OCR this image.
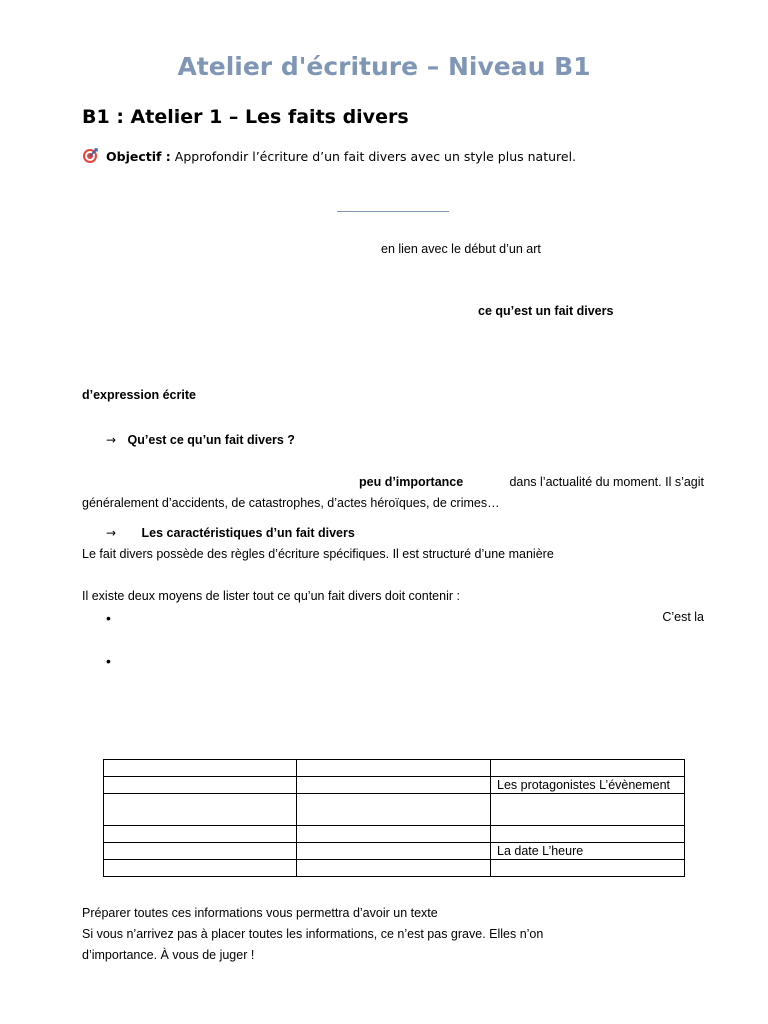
Atelier d'écriture – Niveau B1
B1 : Atelier 1 – Les faits divers
Objectif : Approfondir l’écriture d’un fait divers avec un style plus naturel.
en lien avec le début d’un art
ce qu’est un fait divers
d’expression écrite
→ Qu’est ce qu’un fait divers ?
peu d’importance	dans l’actualité du moment. Il s’agit
généralement d’accidents, de catastrophes, d’actes héroïques, de crimes…
→ Les caractéristiques d’un fait divers
Le fait divers possède des règles d’écriture spécifiques. Il est structuré d’une manière
Il existe deux moyens de lister tout ce qu’un fait divers doit contenir :
•	C’est la
•

		Les protagonistes L’évènement

		La date L’heure

Préparer toutes ces informations vous permettra d’avoir un texte
Si vous n’arrivez pas à placer toutes les informations, ce n’est pas grave. Elles n’on
d’importance. À vous de juger !
